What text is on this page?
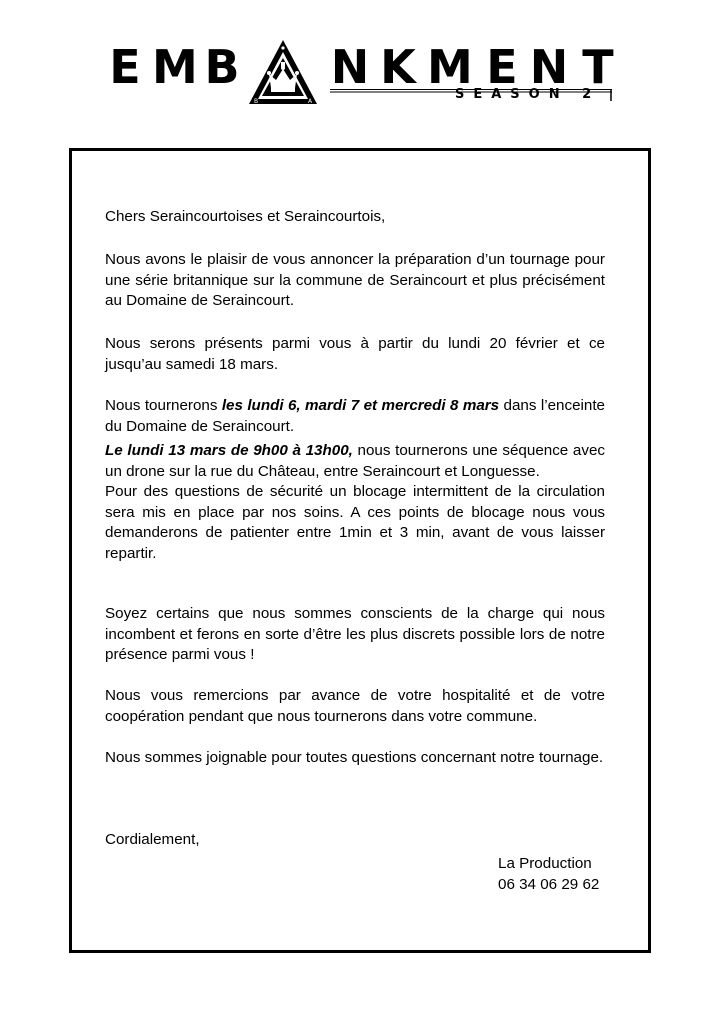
E M B
B	A
N K M E N T
SEASON 2

Chers Seraincourtoises et Seraincourtois,

Nous avons le plaisir de vous annoncer la préparation d’un tournage pour une série britannique sur la commune de Seraincourt et plus précisément au Domaine de Seraincourt.

Nous serons présents parmi vous à partir du lundi 20 février et ce jusqu’au samedi 18 mars.

Nous tournerons les lundi 6, mardi 7 et mercredi 8 mars dans l’enceinte du Domaine de Seraincourt.

Le lundi 13 mars de 9h00 à 13h00, nous tournerons une séquence avec un drone sur la rue du Château, entre Seraincourt et Longuesse.

Pour des questions de sécurité un blocage intermittent de la circulation sera mis en place par nos soins. A ces points de blocage nous vous demanderons de patienter entre 1min et 3 min, avant de vous laisser repartir.

Soyez certains que nous sommes conscients de la charge qui nous incombent et ferons en sorte d’être les plus discrets possible lors de notre présence parmi vous !

Nous vous remercions par avance de votre hospitalité et de votre coopération pendant que nous tournerons dans votre commune.

Nous sommes joignable pour toutes questions concernant notre tournage.

Cordialement,

La Production
06 34 06 29 62
